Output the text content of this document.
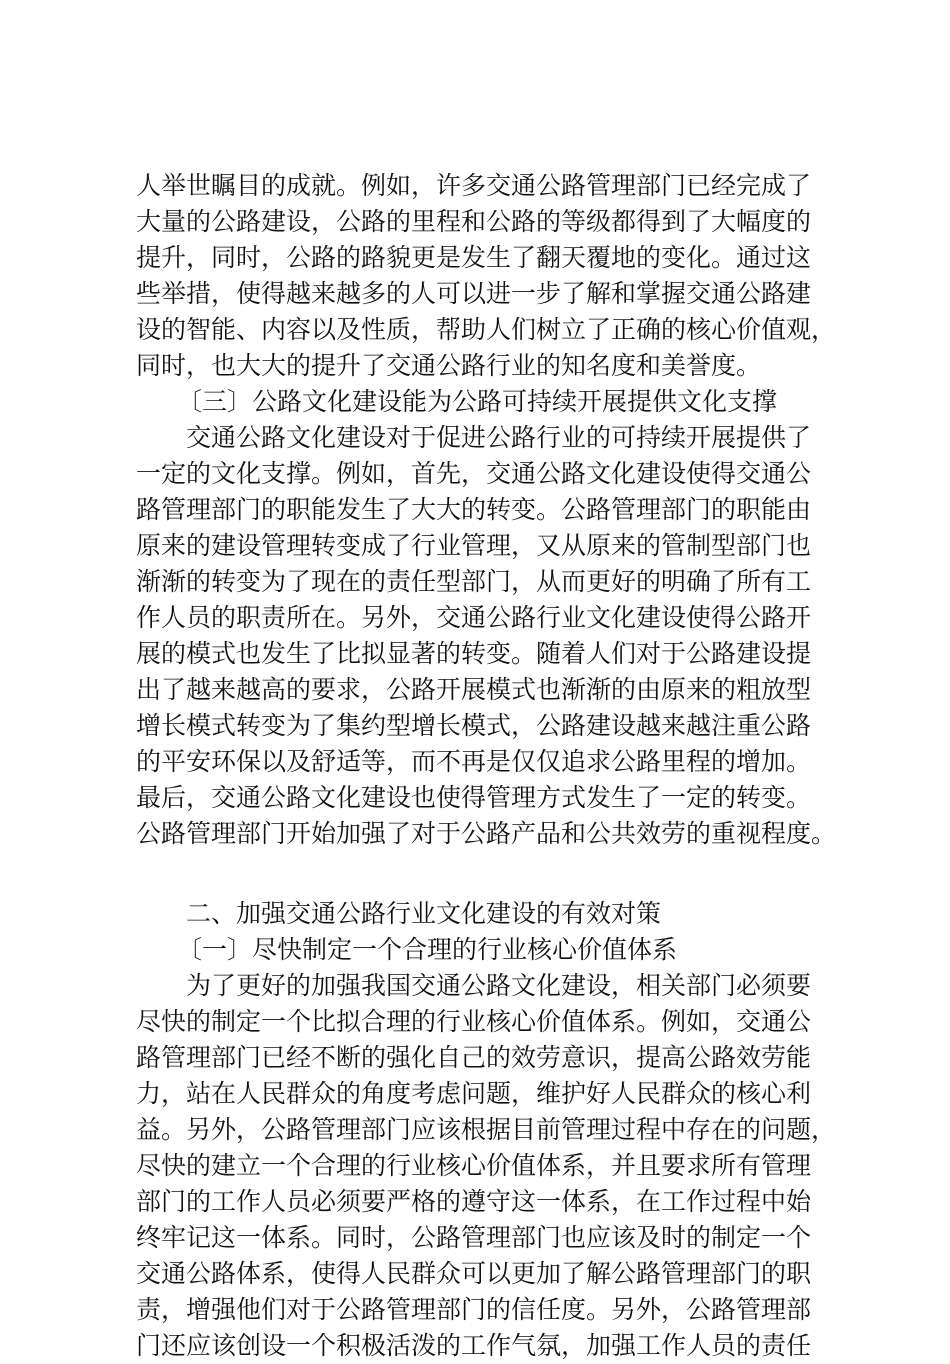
人举世瞩目的成就。例如，许多交通公路管理部门已经完成了
大量的公路建设，公路的里程和公路的等级都得到了大幅度的
提升，同时，公路的路貌更是发生了翻天覆地的变化。通过这
些举措，使得越来越多的人可以进一步了解和掌握交通公路建
设的智能、内容以及性质，帮助人们树立了正确的核心价值观，
同时，也大大的提升了交通公路行业的知名度和美誉度。
〔三〕公路文化建设能为公路可持续开展提供文化支撑
交通公路文化建设对于促进公路行业的可持续开展提供了
一定的文化支撑。例如，首先，交通公路文化建设使得交通公
路管理部门的职能发生了大大的转变。公路管理部门的职能由
原来的建设管理转变成了行业管理，又从原来的管制型部门也
渐渐的转变为了现在的责任型部门，从而更好的明确了所有工
作人员的职责所在。另外，交通公路行业文化建设使得公路开
展的模式也发生了比拟显著的转变。随着人们对于公路建设提
出了越来越高的要求，公路开展模式也渐渐的由原来的粗放型
增长模式转变为了集约型增长模式，公路建设越来越注重公路
的平安环保以及舒适等，而不再是仅仅追求公路里程的增加。
最后，交通公路文化建设也使得管理方式发生了一定的转变。
公路管理部门开始加强了对于公路产品和公共效劳的重视程度。
二、加强交通公路行业文化建设的有效对策
〔一〕尽快制定一个合理的行业核心价值体系
为了更好的加强我国交通公路文化建设，相关部门必须要
尽快的制定一个比拟合理的行业核心价值体系。例如，交通公
路管理部门已经不断的强化自己的效劳意识，提高公路效劳能
力，站在人民群众的角度考虑问题，维护好人民群众的核心利
益。另外，公路管理部门应该根据目前管理过程中存在的问题，
尽快的建立一个合理的行业核心价值体系，并且要求所有管理
部门的工作人员必须要严格的遵守这一体系，在工作过程中始
终牢记这一体系。同时，公路管理部门也应该及时的制定一个
交通公路体系，使得人民群众可以更加了解公路管理部门的职
责，增强他们对于公路管理部门的信任度。另外，公路管理部
门还应该创设一个积极活泼的工作气氛，加强工作人员的责任
